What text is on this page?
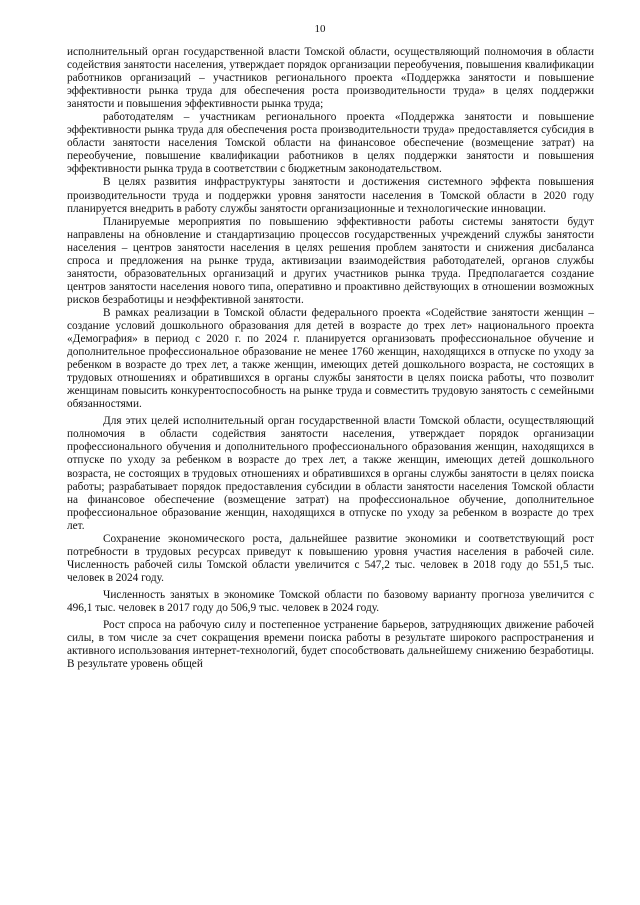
10

исполнительный орган государственной власти Томской области, осуществляющий полномочия в области содействия занятости населения, утверждает порядок организации переобучения, повышения квалификации работников организаций – участников регионального проекта «Поддержка занятости и повышение эффективности рынка труда для обеспечения роста производительности труда» в целях поддержки занятости и повышения эффективности рынка труда;

работодателям – участникам регионального проекта «Поддержка занятости и повышение эффективности рынка труда для обеспечения роста производительности труда» предоставляется субсидия в области занятости населения Томской области на финансовое обеспечение (возмещение затрат) на переобучение, повышение квалификации работников в целях поддержки занятости и повышения эффективности рынка труда в соответствии с бюджетным законодательством.

В целях развития инфраструктуры занятости и достижения системного эффекта повышения производительности труда и поддержки уровня занятости населения в Томской области в 2020 году планируется внедрить в работу службы занятости организационные и технологические инновации.

Планируемые мероприятия по повышению эффективности работы системы занятости будут направлены на обновление и стандартизацию процессов государственных учреждений службы занятости населения – центров занятости населения в целях решения проблем занятости и снижения дисбаланса спроса и предложения на рынке труда, активизации взаимодействия работодателей, органов службы занятости, образовательных организаций и других участников рынка труда. Предполагается создание центров занятости населения нового типа, оперативно и проактивно действующих в отношении возможных рисков безработицы и неэффективной занятости.

В рамках реализации в Томской области федерального проекта «Содействие занятости женщин – создание условий дошкольного образования для детей в возрасте до трех лет» национального проекта «Демография» в период с 2020 г. по 2024 г. планируется организовать профессиональное обучение и дополнительное профессиональное образование не менее 1760 женщин, находящихся в отпуске по уходу за ребенком в возрасте до трех лет, а также женщин, имеющих детей дошкольного возраста, не состоящих в трудовых отношениях и обратившихся в органы службы занятости в целях поиска работы, что позволит женщинам повысить конкурентоспособность на рынке труда и совместить трудовую занятость с семейными обязанностями.

Для этих целей исполнительный орган государственной власти Томской области, осуществляющий полномочия в области содействия занятости населения, утверждает порядок организации профессионального обучения и дополнительного профессионального образования женщин, находящихся в отпуске по уходу за ребенком в возрасте до трех лет, а также женщин, имеющих детей дошкольного возраста, не состоящих в трудовых отношениях и обратившихся в органы службы занятости в целях поиска работы; разрабатывает порядок предоставления субсидии в области занятости населения Томской области на финансовое обеспечение (возмещение затрат) на профессиональное обучение, дополнительное профессиональное образование женщин, находящихся в отпуске по уходу за ребенком в возрасте до трех лет.

Сохранение экономического роста, дальнейшее развитие экономики и соответствующий рост потребности в трудовых ресурсах приведут к повышению уровня участия населения в рабочей силе. Численность рабочей силы Томской области увеличится с 547,2 тыс. человек в 2018 году до 551,5 тыс. человек в 2024 году.

Численность занятых в экономике Томской области по базовому варианту прогноза увеличится с 496,1 тыс. человек в 2017 году до 506,9 тыс. человек в 2024 году.

Рост спроса на рабочую силу и постепенное устранение барьеров, затрудняющих движение рабочей силы, в том числе за счет сокращения времени поиска работы в результате широкого распространения и активного использования интернет-технологий, будет способствовать дальнейшему снижению безработицы. В результате уровень общей
